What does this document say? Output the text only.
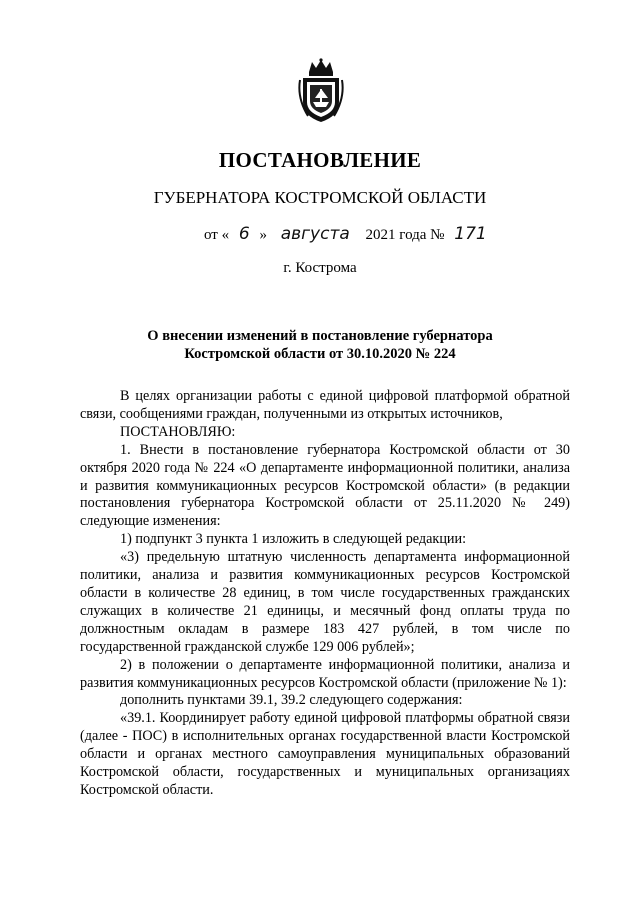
ПОСТАНОВЛЕНИЕ
ГУБЕРНАТОРА КОСТРОМСКОЙ ОБЛАСТИ
от « 6 » августа 2021 года № 171
г. Кострома
О внесении изменений в постановление губернатора
Костромской области от 30.10.2020 № 224

В целях организации работы с единой цифровой платформой обратной связи, сообщениями граждан, полученными из открытых источников,

ПОСТАНОВЛЯЮ:

1. Внести в постановление губернатора Костромской области от 30 октября 2020 года № 224 «О департаменте информационной политики, анализа и развития коммуникационных ресурсов Костромской области» (в редакции постановления губернатора Костромской области от 25.11.2020 № 249) следующие изменения:

1) подпункт 3 пункта 1 изложить в следующей редакции:

«3) предельную штатную численность департамента информационной политики, анализа и развития коммуникационных ресурсов Костромской области в количестве 28 единиц, в том числе государственных гражданских служащих в количестве 21 единицы, и месячный фонд оплаты труда по должностным окладам в размере 183 427 рублей, в том числе по государственной гражданской службе 129 006 рублей»;

2) в положении о департаменте информационной политики, анализа и развития коммуникационных ресурсов Костромской области (приложение № 1):

дополнить пунктами 39.1, 39.2 следующего содержания:

«39.1. Координирует работу единой цифровой платформы обратной связи (далее - ПОС) в исполнительных органах государственной власти Костромской области и органах местного самоуправления муниципальных образований Костромской области, государственных и муниципальных организациях Костромской области.
